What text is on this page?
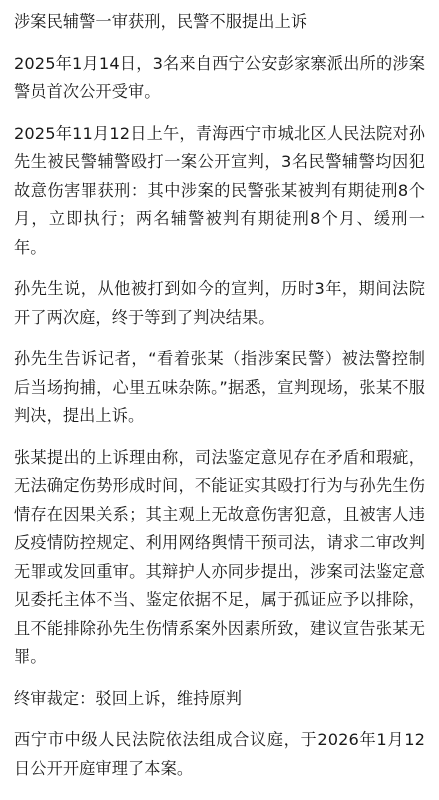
涉案民辅警一审获刑，民警不服提出上诉

2025年1月14日，3名来自西宁公安彭家寨派出所的涉案警员首次公开受审。

2025年11月12日上午，青海西宁市城北区人民法院对孙先生被民警辅警殴打一案公开宣判，3名民警辅警均因犯故意伤害罪获刑：其中涉案的民警张某被判有期徒刑8个月，立即执行；两名辅警被判有期徒刑8个月、缓刑一年。

孙先生说，从他被打到如今的宣判，历时3年，期间法院开了两次庭，终于等到了判决结果。

孙先生告诉记者，“看着张某（指涉案民警）被法警控制后当场拘捕，心里五味杂陈。”据悉，宣判现场，张某不服判决，提出上诉。

张某提出的上诉理由称，司法鉴定意见存在矛盾和瑕疵，无法确定伤势形成时间，不能证实其殴打行为与孙先生伤情存在因果关系；其主观上无故意伤害犯意，且被害人违反疫情防控规定、利用网络舆情干预司法，请求二审改判无罪或发回重审。其辩护人亦同步提出，涉案司法鉴定意见委托主体不当、鉴定依据不足，属于孤证应予以排除，且不能排除孙先生伤情系案外因素所致，建议宣告张某无罪。

终审裁定：驳回上诉，维持原判

西宁市中级人民法院依法组成合议庭，于2026年1月12日公开开庭审理了本案。
